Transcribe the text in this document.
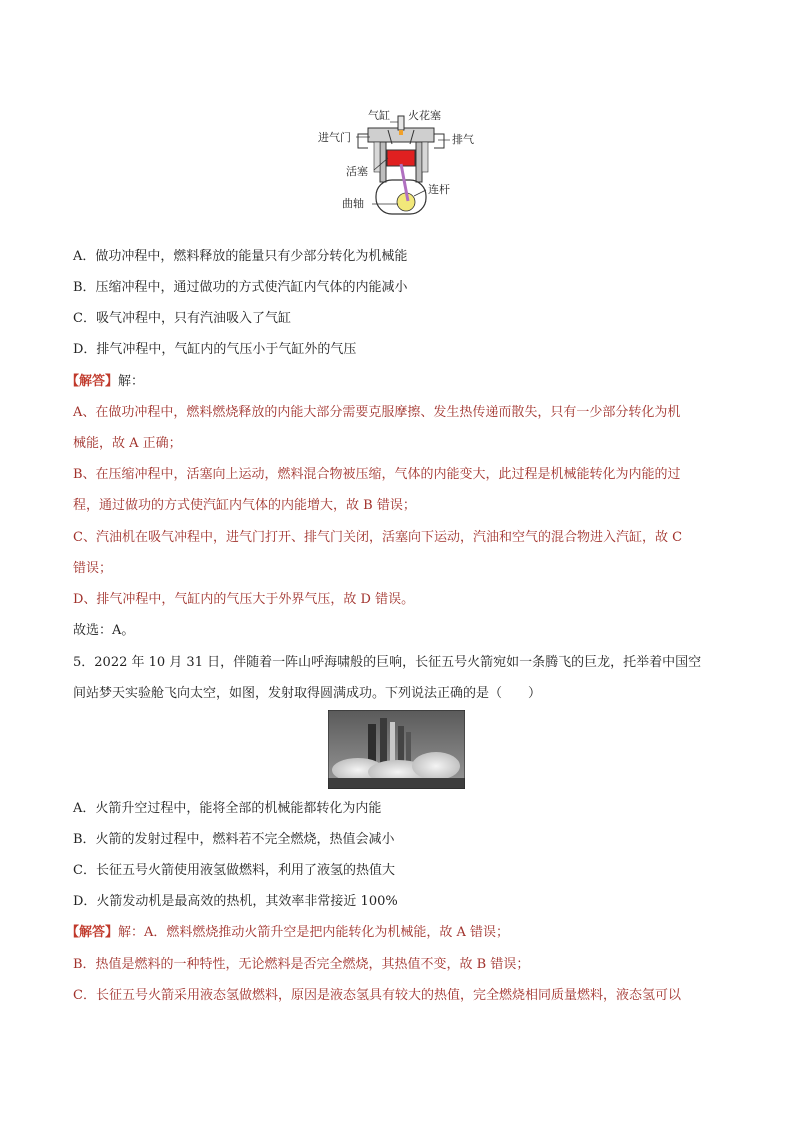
气缸 火花塞
进气门	排气
活塞
连杆
曲轴
A．做功冲程中，燃料释放的能量只有少部分转化为机械能
B．压缩冲程中，通过做功的方式使汽缸内气体的内能减小
C．吸气冲程中，只有汽油吸入了气缸
D．排气冲程中，气缸内的气压小于气缸外的气压
【解答】解：
A、在做功冲程中，燃料燃烧释放的内能大部分需要克服摩擦、发生热传递而散失，只有一少部分转化为机
械能，故 A 正确；
B、在压缩冲程中，活塞向上运动，燃料混合物被压缩，气体的内能变大，此过程是机械能转化为内能的过
程，通过做功的方式使汽缸内气体的内能增大，故 B 错误；
C、汽油机在吸气冲程中，进气门打开、排气门关闭，活塞向下运动，汽油和空气的混合物进入汽缸，故 C
错误；
D、排气冲程中，气缸内的气压大于外界气压，故 D 错误。
故选：A。
5．2022 年 10 月 31 日，伴随着一阵山呼海啸般的巨响，长征五号火箭宛如一条腾飞的巨龙，托举着中国空
间站梦天实验舱飞向太空，如图，发射取得圆满成功。下列说法正确的是（　　）
A．火箭升空过程中，能将全部的机械能都转化为内能
B．火箭的发射过程中，燃料若不完全燃烧，热值会减小
C．长征五号火箭使用液氢做燃料，利用了液氢的热值大
D．火箭发动机是最高效的热机，其效率非常接近 100%
【解答】解：A．燃料燃烧推动火箭升空是把内能转化为机械能，故 A 错误；
B．热值是燃料的一种特性，无论燃料是否完全燃烧，其热值不变，故 B 错误；
C．长征五号火箭采用液态氢做燃料，原因是液态氢具有较大的热值，完全燃烧相同质量燃料，液态氢可以
